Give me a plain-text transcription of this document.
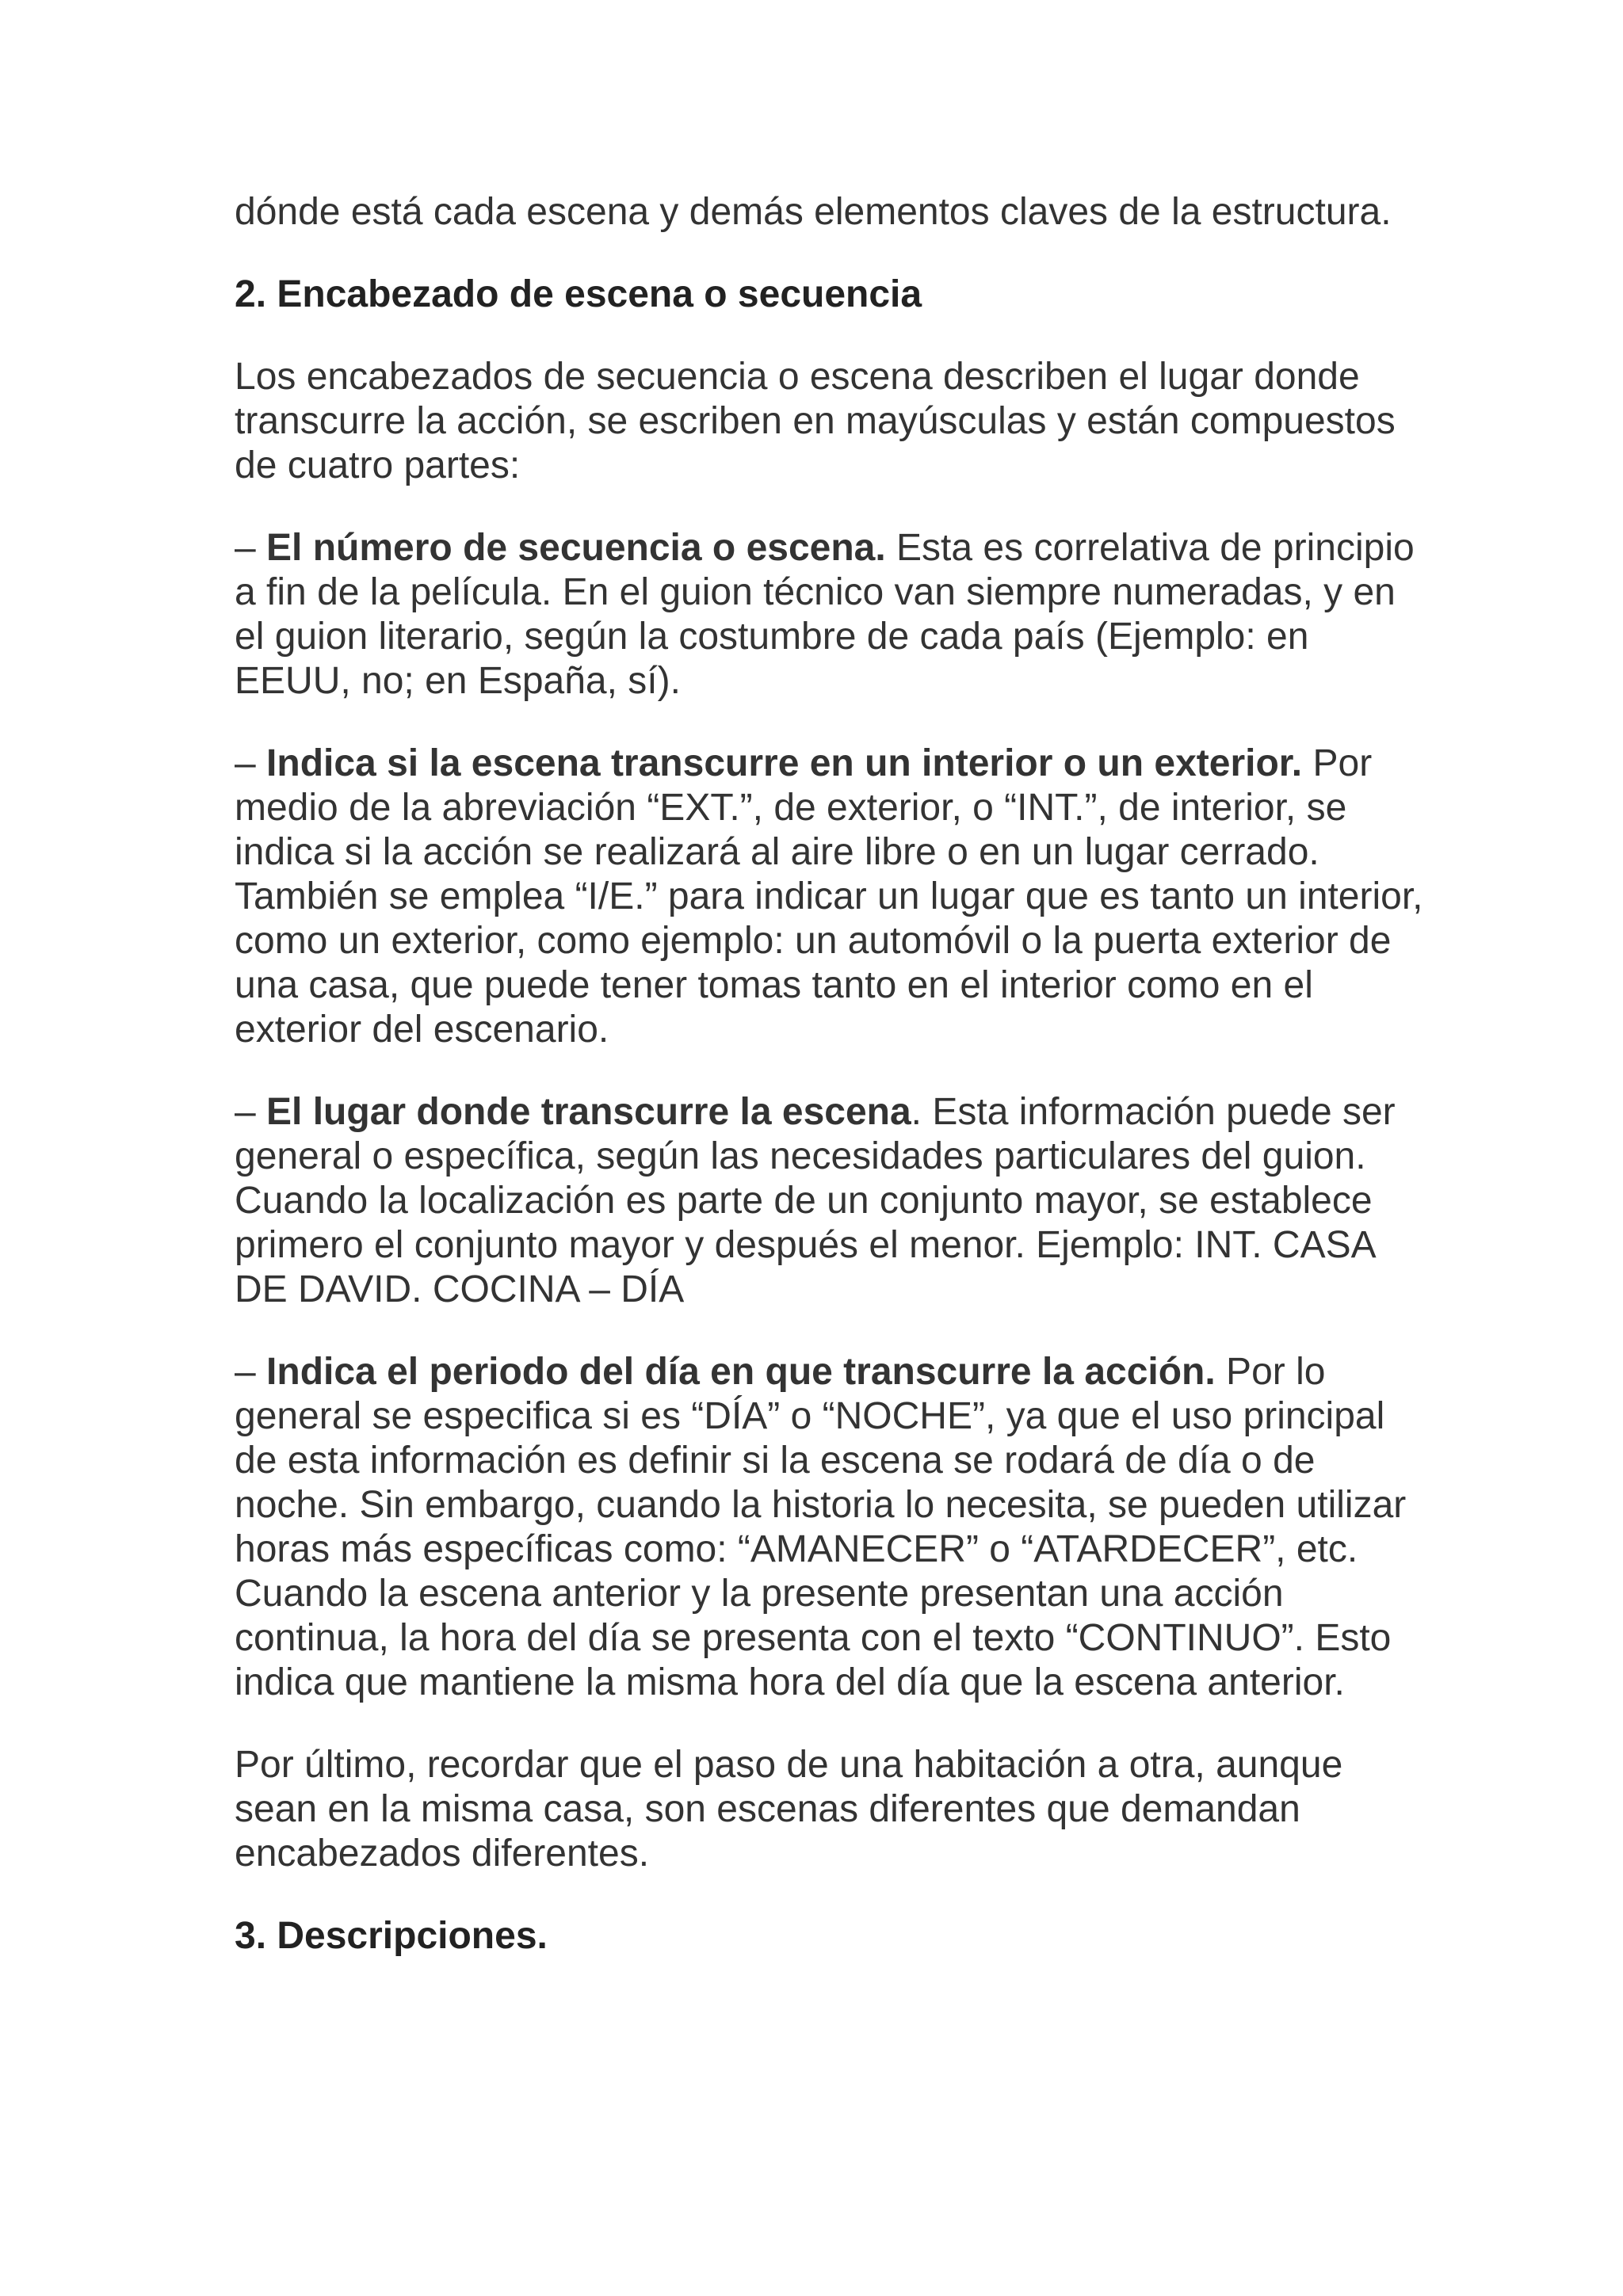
dónde está cada escena y demás elementos claves de la estructura.

2. Encabezado de escena o secuencia

Los encabezados de secuencia o escena describen el lugar donde transcurre la acción, se escriben en mayúsculas y están compuestos de cuatro partes:

– El número de secuencia o escena. Esta es correlativa de principio a fin de la película. En el guion técnico van siempre numeradas, y en el guion literario, según la costumbre de cada país (Ejemplo: en EEUU, no; en España, sí).

– Indica si la escena transcurre en un interior o un exterior. Por medio de la abreviación “EXT.”, de exterior, o “INT.”, de interior, se indica si la acción se realizará al aire libre o en un lugar cerrado. También se emplea “I/E.” para indicar un lugar que es tanto un interior, como un exterior, como ejemplo: un automóvil o la puerta exterior de una casa, que puede tener tomas tanto en el interior como en el exterior del escenario.

– El lugar donde transcurre la escena. Esta información puede ser general o específica, según las necesidades particulares del guion. Cuando la localización es parte de un conjunto mayor, se establece primero el conjunto mayor y después el menor. Ejemplo: INT. CASA DE DAVID. COCINA – DÍA

– Indica el periodo del día en que transcurre la acción. Por lo general se especifica si es “DÍA” o “NOCHE”, ya que el uso principal de esta información es definir si la escena se rodará de día o de noche. Sin embargo, cuando la historia lo necesita, se pueden utilizar horas más específicas como: “AMANECER” o “ATARDECER”, etc. Cuando la escena anterior y la presente presentan una acción continua, la hora del día se presenta con el texto “CONTINUO”. Esto indica que mantiene la misma hora del día que la escena anterior.

Por último, recordar que el paso de una habitación a otra, aunque sean en la misma casa, son escenas diferentes que demandan encabezados diferentes.

3. Descripciones.
